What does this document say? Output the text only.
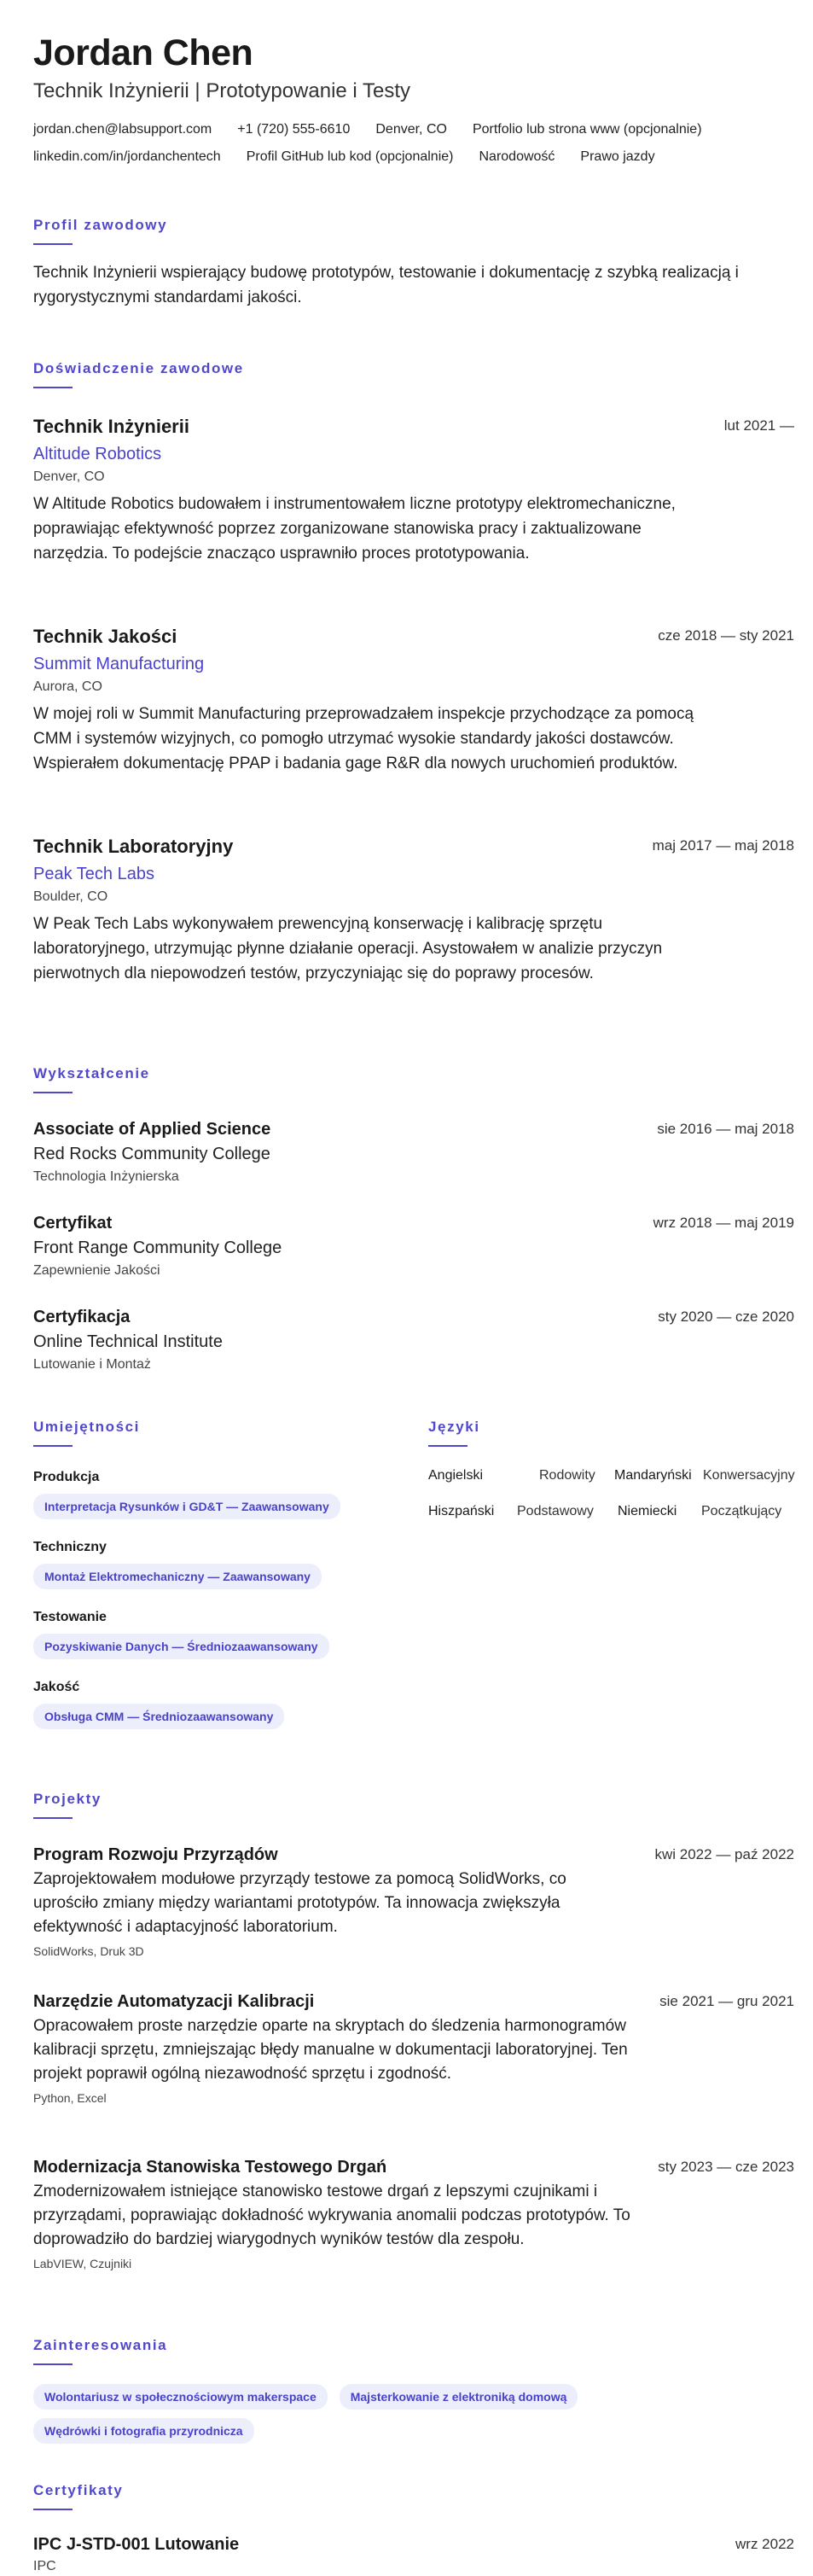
Jordan Chen
Technik Inżynierii | Prototypowanie i Testy
jordan.chen@labsupport.com +1 (720) 555-6610 Denver, CO Portfolio lub strona www (opcjonalnie)
linkedin.com/in/jordanchentech Profil GitHub lub kod (opcjonalnie) Narodowość Prawo jazdy
Profil zawodowy
Technik Inżynierii wspierający budowę prototypów, testowanie i dokumentację z szybką realizacją i rygorystycznymi standardami jakości.
Doświadczenie zawodowe
Technik Inżynierii	lut 2021 —
Altitude Robotics
Denver, CO
W Altitude Robotics budowałem i instrumentowałem liczne prototypy elektromechaniczne, poprawiając efektywność poprzez zorganizowane stanowiska pracy i zaktualizowane narzędzia. To podejście znacząco usprawniło proces prototypowania.
Technik Jakości	cze 2018 — sty 2021
Summit Manufacturing
Aurora, CO
W mojej roli w Summit Manufacturing przeprowadzałem inspekcje przychodzące za pomocą CMM i systemów wizyjnych, co pomogło utrzymać wysokie standardy jakości dostawców. Wspierałem dokumentację PPAP i badania gage R&R dla nowych uruchomień produktów.
Technik Laboratoryjny	maj 2017 — maj 2018
Peak Tech Labs
Boulder, CO
W Peak Tech Labs wykonywałem prewencyjną konserwację i kalibrację sprzętu laboratoryjnego, utrzymując płynne działanie operacji. Asystowałem w analizie przyczyn pierwotnych dla niepowodzeń testów, przyczyniając się do poprawy procesów.
Wykształcenie
Associate of Applied Science	sie 2016 — maj 2018
Red Rocks Community College
Technologia Inżynierska
Certyfikat	wrz 2018 — maj 2019
Front Range Community College
Zapewnienie Jakości
Certyfikacja	sty 2020 — cze 2020
Online Technical Institute
Lutowanie i Montaż
Umiejętności
Produkcja
Interpretacja Rysunków i GD&T — Zaawansowany
Techniczny
Montaż Elektromechaniczny — Zaawansowany
Testowanie
Pozyskiwanie Danych — Średniozaawansowany
Jakość
Obsługa CMM — Średniozaawansowany
Języki
Angielski	Rodowity	Mandaryński Konwersacyjny
Hiszpański	Podstawowy	Niemiecki	Początkujący
Projekty
Program Rozwoju Przyrządów	kwi 2022 — paź 2022
Zaprojektowałem modułowe przyrządy testowe za pomocą SolidWorks, co uprościło zmiany między wariantami prototypów. Ta innowacja zwiększyła efektywność i adaptacyjność laboratorium.
SolidWorks, Druk 3D
Narzędzie Automatyzacji Kalibracji	sie 2021 — gru 2021
Opracowałem proste narzędzie oparte na skryptach do śledzenia harmonogramów kalibracji sprzętu, zmniejszając błędy manualne w dokumentacji laboratoryjnej. Ten projekt poprawił ogólną niezawodność sprzętu i zgodność.
Python, Excel
Modernizacja Stanowiska Testowego Drgań	sty 2023 — cze 2023
Zmodernizowałem istniejące stanowisko testowe drgań z lepszymi czujnikami i przyrządami, poprawiając dokładność wykrywania anomalii podczas prototypów. To doprowadziło do bardziej wiarygodnych wyników testów dla zespołu.
LabVIEW, Czujniki
Zainteresowania
Wolontariusz w społecznościowym makerspace	Majsterkowanie z elektroniką domową
Wędrówki i fotografia przyrodnicza
Certyfikaty
IPC J-STD-001 Lutowanie	wrz 2022
IPC
